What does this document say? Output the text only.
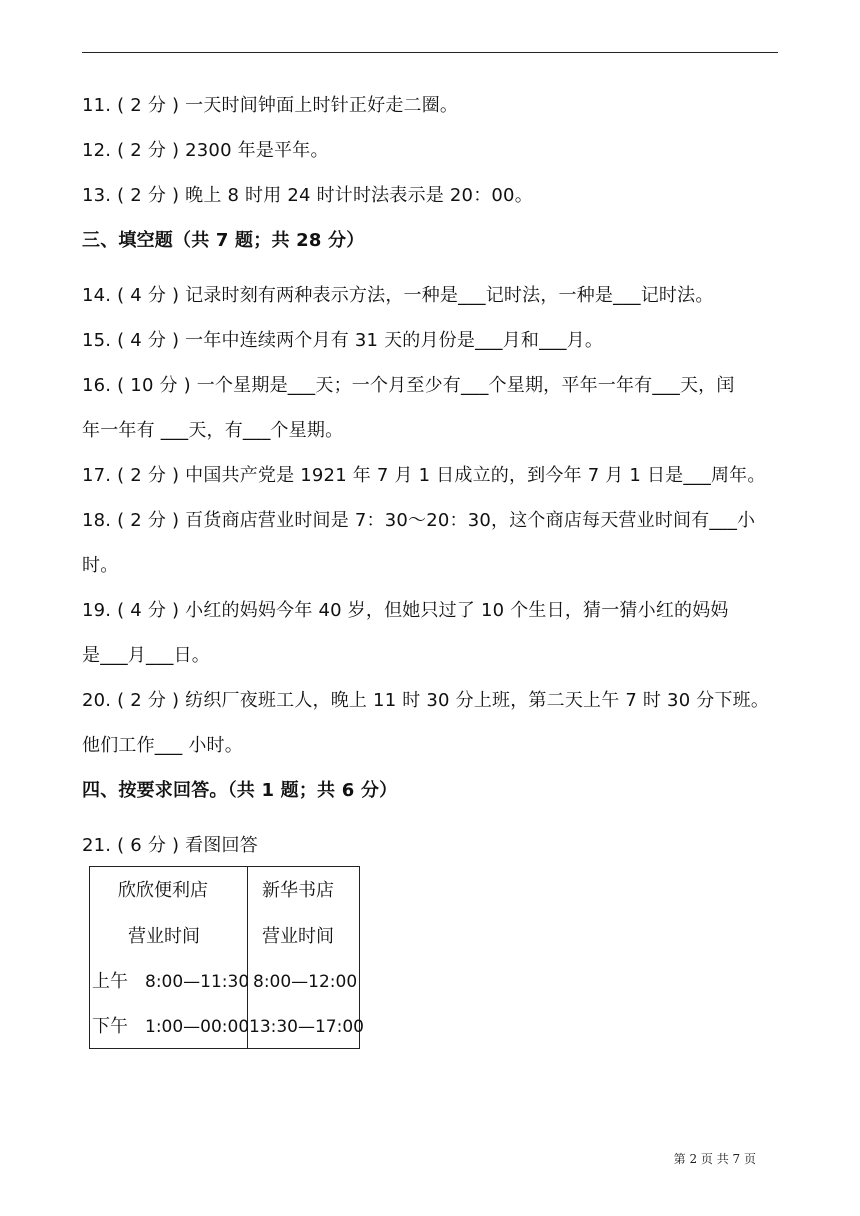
11. ( 2 分 ) 一天时间钟面上时针正好走二圈。
12. ( 2 分 ) 2300 年是平年。
13. ( 2 分 ) 晚上 8 时用 24 时计时法表示是 20：00。
三、填空题（共 7 题；共 28 分）
14. ( 4 分 ) 记录时刻有两种表示方法，一种是___记时法，一种是___记时法。
15. ( 4 分 ) 一年中连续两个月有 31 天的月份是___月和___月。
16. ( 10 分 ) 一个星期是___天；一个月至少有___个星期，平年一年有___天，闰
年一年有 ___天，有___个星期。
17. ( 2 分 ) 中国共产党是 1921 年 7 月 1 日成立的，到今年 7 月 1 日是___周年。
18. ( 2 分 ) 百货商店营业时间是 7：30～20：30，这个商店每天营业时间有___小
时。
19. ( 4 分 ) 小红的妈妈今年 40 岁，但她只过了 10 个生日，猜一猜小红的妈妈
是___月___日。
20. ( 2 分 ) 纺织厂夜班工人，晚上 11 时 30 分上班，第二天上午 7 时 30 分下班。
他们工作___ 小时。
四、按要求回答。（共 1 题；共 6 分）
21. ( 6 分 ) 看图回答
欣欣便利店
营业时间
上午 8:00—11:30
下午 1:00—00:00
新华书店
营业时间
8:00—12:00
13:30—17:00
第 2 页 共 7 页
